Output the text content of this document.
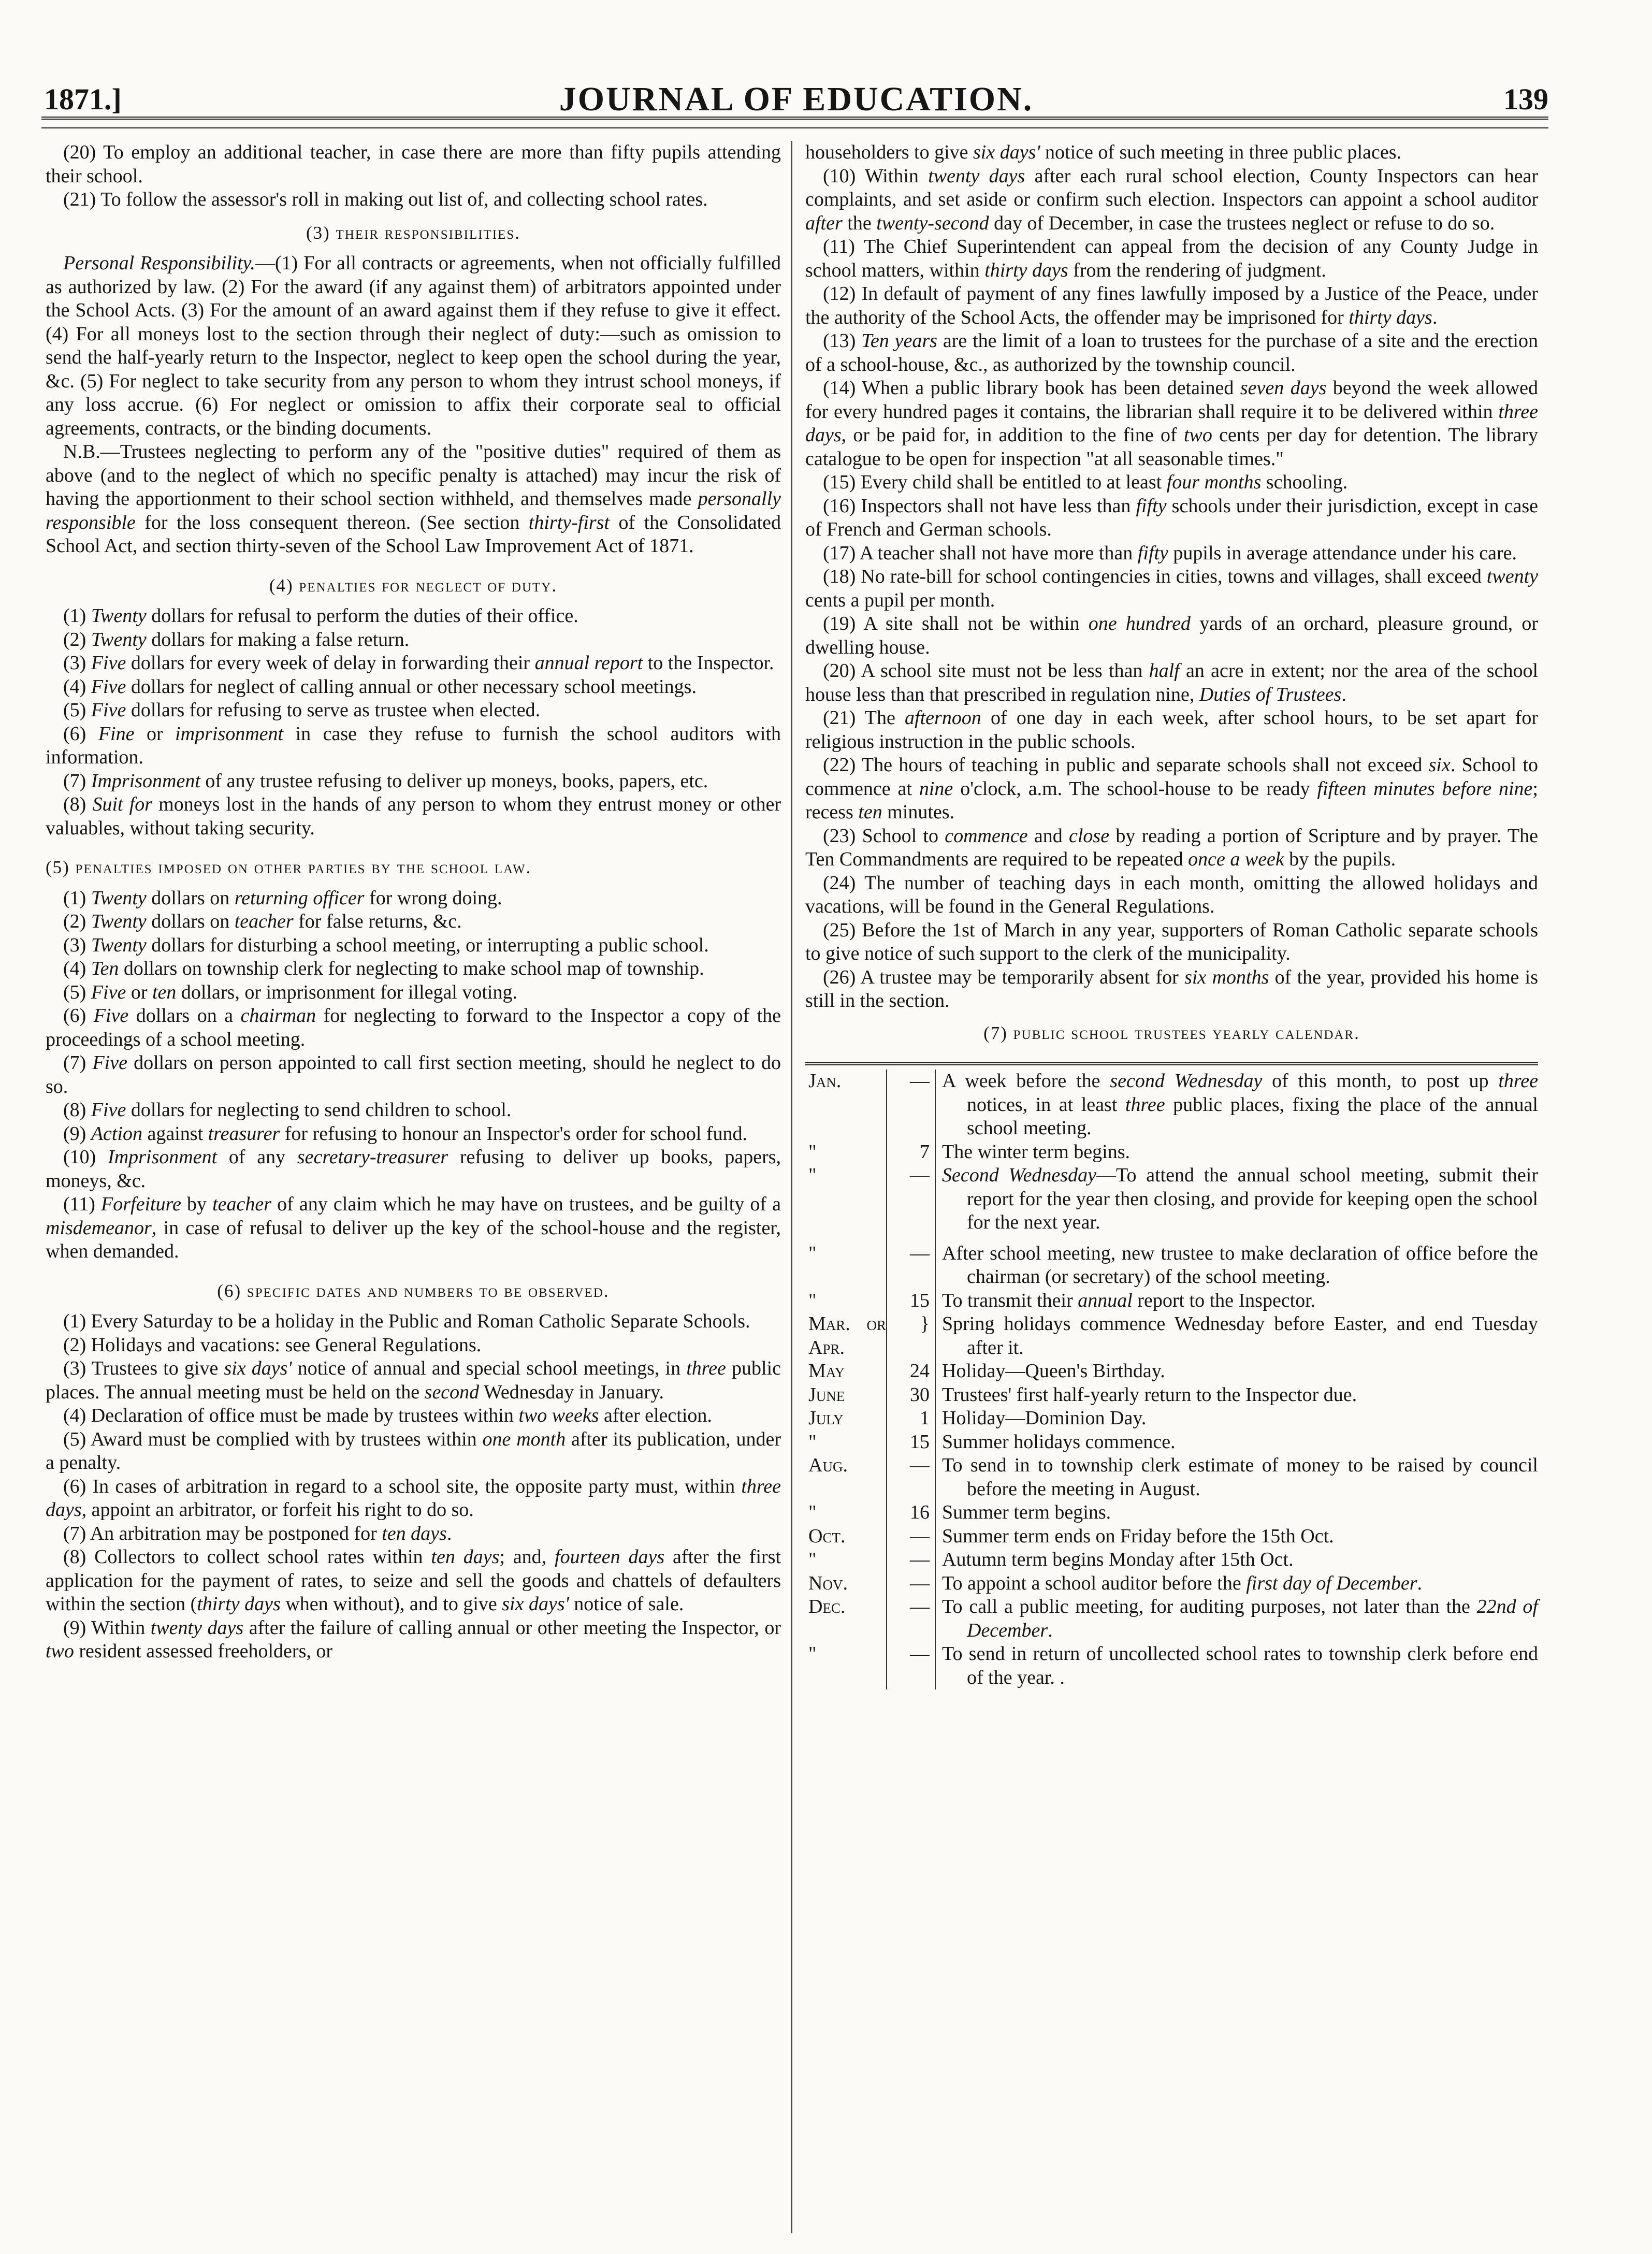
1871.]	JOURNAL OF EDUCATION.	139

(20) To employ an additional teacher, in case there are more than fifty pupils attending their school.

(21) To follow the assessor's roll in making out list of, and collecting school rates.

(3) their responsibilities.

Personal Responsibility.—(1) For all contracts or agreements, when not officially fulfilled as authorized by law. (2) For the award (if any against them) of arbitrators appointed under the School Acts. (3) For the amount of an award against them if they refuse to give it effect. (4) For all moneys lost to the section through their neglect of duty:—such as omission to send the half-yearly return to the Inspector, neglect to keep open the school during the year, &c. (5) For neglect to take security from any person to whom they intrust school moneys, if any loss accrue. (6) For neglect or omission to affix their corporate seal to official agreements, contracts, or the binding documents.

N.B.—Trustees neglecting to perform any of the "positive duties" required of them as above (and to the neglect of which no specific penalty is attached) may incur the risk of having the apportionment to their school section withheld, and themselves made personally responsible for the loss consequent thereon. (See section thirty-first of the Consolidated School Act, and section thirty-seven of the School Law Improvement Act of 1871.

(4) penalties for neglect of duty.

(1) Twenty dollars for refusal to perform the duties of their office.

(2) Twenty dollars for making a false return.

(3) Five dollars for every week of delay in forwarding their annual report to the Inspector.

(4) Five dollars for neglect of calling annual or other necessary school meetings.

(5) Five dollars for refusing to serve as trustee when elected.

(6) Fine or imprisonment in case they refuse to furnish the school auditors with information.

(7) Imprisonment of any trustee refusing to deliver up moneys, books, papers, etc.

(8) Suit for moneys lost in the hands of any person to whom they entrust money or other valuables, without taking security.

(5) penalties imposed on other parties by the school law.

(1) Twenty dollars on returning officer for wrong doing.

(2) Twenty dollars on teacher for false returns, &c.

(3) Twenty dollars for disturbing a school meeting, or interrupting a public school.

(4) Ten dollars on township clerk for neglecting to make school map of township.

(5) Five or ten dollars, or imprisonment for illegal voting.

(6) Five dollars on a chairman for neglecting to forward to the Inspector a copy of the proceedings of a school meeting.

(7) Five dollars on person appointed to call first section meeting, should he neglect to do so.

(8) Five dollars for neglecting to send children to school.

(9) Action against treasurer for refusing to honour an Inspector's order for school fund.

(10) Imprisonment of any secretary-treasurer refusing to deliver up books, papers, moneys, &c.

(11) Forfeiture by teacher of any claim which he may have on trustees, and be guilty of a misdemeanor, in case of refusal to deliver up the key of the school-house and the register, when demanded.

(6) specific dates and numbers to be observed.

(1) Every Saturday to be a holiday in the Public and Roman Catholic Separate Schools.

(2) Holidays and vacations: see General Regulations.

(3) Trustees to give six days' notice of annual and special school meetings, in three public places. The annual meeting must be held on the second Wednesday in January.

(4) Declaration of office must be made by trustees within two weeks after election.

(5) Award must be complied with by trustees within one month after its publication, under a penalty.

(6) In cases of arbitration in regard to a school site, the opposite party must, within three days, appoint an arbitrator, or forfeit his right to do so.

(7) An arbitration may be postponed for ten days.

(8) Collectors to collect school rates within ten days; and, fourteen days after the first application for the payment of rates, to seize and sell the goods and chattels of defaulters within the section (thirty days when without), and to give six days' notice of sale.

(9) Within twenty days after the failure of calling annual or other meeting the Inspector, or two resident assessed freeholders, or

householders to give six days' notice of such meeting in three public places.

(10) Within twenty days after each rural school election, County Inspectors can hear complaints, and set aside or confirm such election. Inspectors can appoint a school auditor after the twenty-second day of December, in case the trustees neglect or refuse to do so.

(11) The Chief Superintendent can appeal from the decision of any County Judge in school matters, within thirty days from the rendering of judgment.

(12) In default of payment of any fines lawfully imposed by a Justice of the Peace, under the authority of the School Acts, the offender may be imprisoned for thirty days.

(13) Ten years are the limit of a loan to trustees for the purchase of a site and the erection of a school-house, &c., as authorized by the township council.

(14) When a public library book has been detained seven days beyond the week allowed for every hundred pages it contains, the librarian shall require it to be delivered within three days, or be paid for, in addition to the fine of two cents per day for detention. The library catalogue to be open for inspection "at all seasonable times."

(15) Every child shall be entitled to at least four months schooling.

(16) Inspectors shall not have less than fifty schools under their jurisdiction, except in case of French and German schools.

(17) A teacher shall not have more than fifty pupils in average attendance under his care.

(18) No rate-bill for school contingencies in cities, towns and villages, shall exceed twenty cents a pupil per month.

(19) A site shall not be within one hundred yards of an orchard, pleasure ground, or dwelling house.

(20) A school site must not be less than half an acre in extent; nor the area of the school house less than that prescribed in regulation nine, Duties of Trustees.

(21) The afternoon of one day in each week, after school hours, to be set apart for religious instruction in the public schools.

(22) The hours of teaching in public and separate schools shall not exceed six. School to commence at nine o'clock, a.m. The school-house to be ready fifteen minutes before nine; recess ten minutes.

(23) School to commence and close by reading a portion of Scripture and by prayer. The Ten Commandments are required to be repeated once a week by the pupils.

(24) The number of teaching days in each month, omitting the allowed holidays and vacations, will be found in the General Regulations.

(25) Before the 1st of March in any year, supporters of Roman Catholic separate schools to give notice of such support to the clerk of the municipality.

(26) A trustee may be temporarily absent for six months of the year, provided his home is still in the section.

(7) public school trustees yearly calendar.
Jan.	—	A week before the second Wednesday of this month, to post up three notices, in at least three public places, fixing the place of the annual school meeting.

"	7	The winter term begins.

"	—	Second Wednesday—To attend the annual school meeting, submit their report for the year then closing, and provide for keeping open the school for the next year.

"	—	After school meeting, new trustee to make declaration of office before the chairman (or secretary) of the school meeting.

"	15	To transmit their annual report to the Inspector.

Mar. or Apr.	}	Spring holidays commence Wednesday before Easter, and end Tuesday after it.

May	24	Holiday—Queen's Birthday.

June	30	Trustees' first half-yearly return to the Inspector due.

July	1	Holiday—Dominion Day.

"	15	Summer holidays commence.

Aug.	—	To send in to township clerk estimate of money to be raised by council before the meeting in August.

"	16	Summer term begins.

Oct.	—	Summer term ends on Friday before the 15th Oct.

"	—	Autumn term begins Monday after 15th Oct.

Nov.	—	To appoint a school auditor before the first day of December.

Dec.	—	To call a public meeting, for auditing purposes, not later than the 22nd of December.

"	—	To send in return of uncollected school rates to township clerk before end of the year. .
